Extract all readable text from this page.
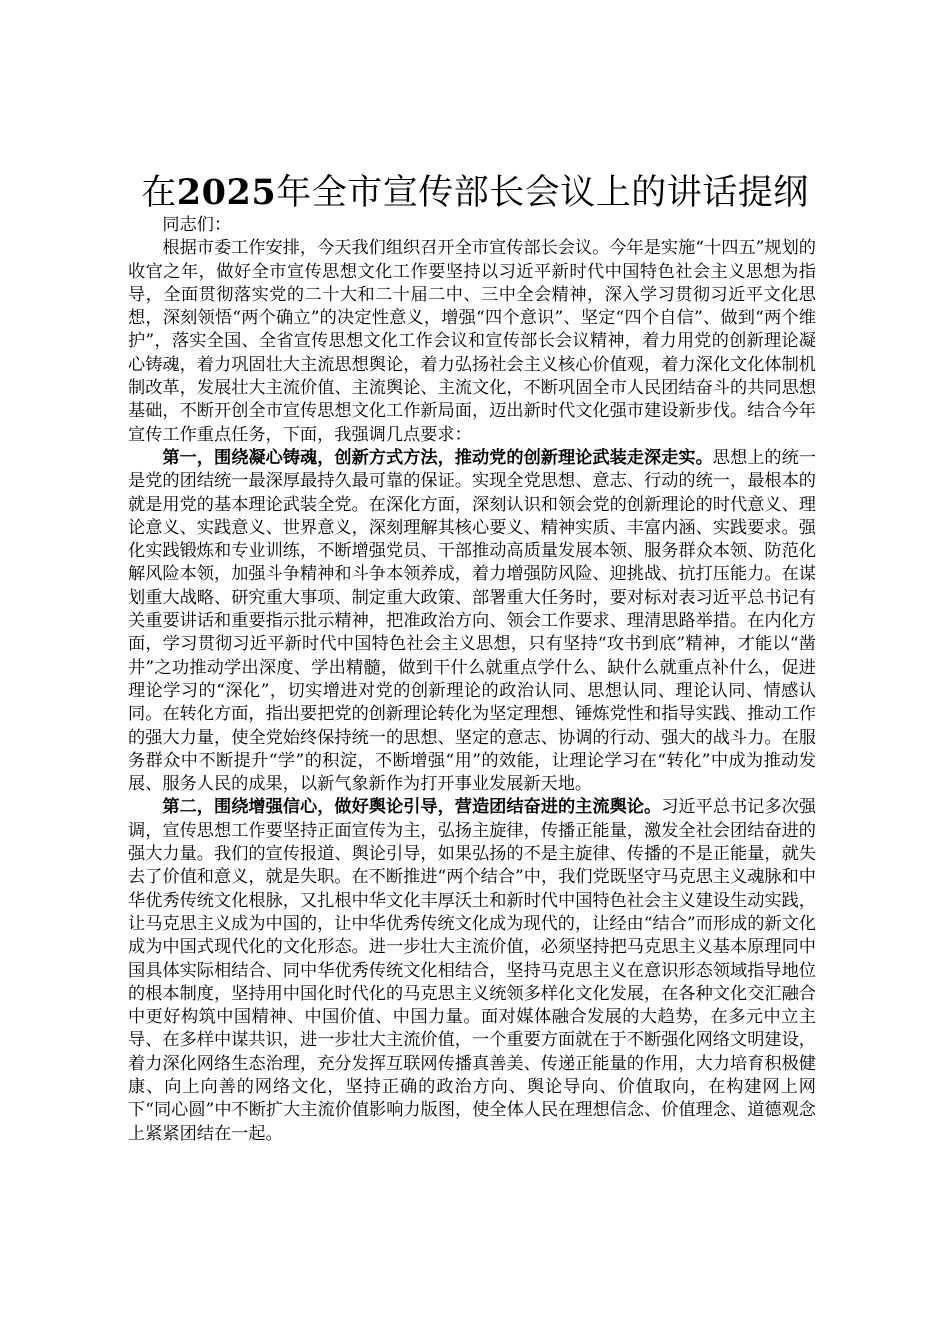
在2025年全市宣传部长会议上的讲话提纲

同志们：

根据市委工作安排，今天我们组织召开全市宣传部长会议。今年是实施“十四五”规划的收官之年，做好全市宣传思想文化工作要坚持以习近平新时代中国特色社会主义思想为指导，全面贯彻落实党的二十大和二十届二中、三中全会精神，深入学习贯彻习近平文化思想，深刻领悟“两个确立”的决定性意义，增强“四个意识”、坚定“四个自信”、做到“两个维护”，落实全国、全省宣传思想文化工作会议和宣传部长会议精神，着力用党的创新理论凝心铸魂，着力巩固壮大主流思想舆论，着力弘扬社会主义核心价值观，着力深化文化体制机制改革，发展壮大主流价值、主流舆论、主流文化，不断巩固全市人民团结奋斗的共同思想基础，不断开创全市宣传思想文化工作新局面，迈出新时代文化强市建设新步伐。结合今年宣传工作重点任务，下面，我强调几点要求：

第一，围绕凝心铸魂，创新方式方法，推动党的创新理论武装走深走实。思想上的统一是党的团结统一最深厚最持久最可靠的保证。实现全党思想、意志、行动的统一，最根本的就是用党的基本理论武装全党。在深化方面，深刻认识和领会党的创新理论的时代意义、理论意义、实践意义、世界意义，深刻理解其核心要义、精神实质、丰富内涵、实践要求。强化实践锻炼和专业训练，不断增强党员、干部推动高质量发展本领、服务群众本领、防范化解风险本领，加强斗争精神和斗争本领养成，着力增强防风险、迎挑战、抗打压能力。在谋划重大战略、研究重大事项、制定重大政策、部署重大任务时，要对标对表习近平总书记有关重要讲话和重要指示批示精神，把准政治方向、领会工作要求、理清思路举措。在内化方面，学习贯彻习近平新时代中国特色社会主义思想，只有坚持“攻书到底”精神，才能以“凿井”之功推动学出深度、学出精髓，做到干什么就重点学什么、缺什么就重点补什么，促进理论学习的“深化”，切实增进对党的创新理论的政治认同、思想认同、理论认同、情感认同。在转化方面，指出要把党的创新理论转化为坚定理想、锤炼党性和指导实践、推动工作的强大力量，使全党始终保持统一的思想、坚定的意志、协调的行动、强大的战斗力。在服务群众中不断提升“学”的积淀，不断增强“用”的效能，让理论学习在“转化”中成为推动发展、服务人民的成果，以新气象新作为打开事业发展新天地。

第二，围绕增强信心，做好舆论引导，营造团结奋进的主流舆论。习近平总书记多次强调，宣传思想工作要坚持正面宣传为主，弘扬主旋律，传播正能量，激发全社会团结奋进的强大力量。我们的宣传报道、舆论引导，如果弘扬的不是主旋律、传播的不是正能量，就失去了价值和意义，就是失职。在不断推进“两个结合”中，我们党既坚守马克思主义魂脉和中华优秀传统文化根脉，又扎根中华文化丰厚沃土和新时代中国特色社会主义建设生动实践，让马克思主义成为中国的，让中华优秀传统文化成为现代的，让经由“结合”而形成的新文化成为中国式现代化的文化形态。进一步壮大主流价值，必须坚持把马克思主义基本原理同中国具体实际相结合、同中华优秀传统文化相结合，坚持马克思主义在意识形态领域指导地位的根本制度，坚持用中国化时代化的马克思主义统领多样化文化发展，在各种文化交汇融合中更好构筑中国精神、中国价值、中国力量。面对媒体融合发展的大趋势，在多元中立主导、在多样中谋共识，进一步壮大主流价值，一个重要方面就在于不断强化网络文明建设，着力深化网络生态治理，充分发挥互联网传播真善美、传递正能量的作用，大力培育积极健康、向上向善的网络文化，坚持正确的政治方向、舆论导向、价值取向，在构建网上网下“同心圆”中不断扩大主流价值影响力版图，使全体人民在理想信念、价值理念、道德观念上紧紧团结在一起。
